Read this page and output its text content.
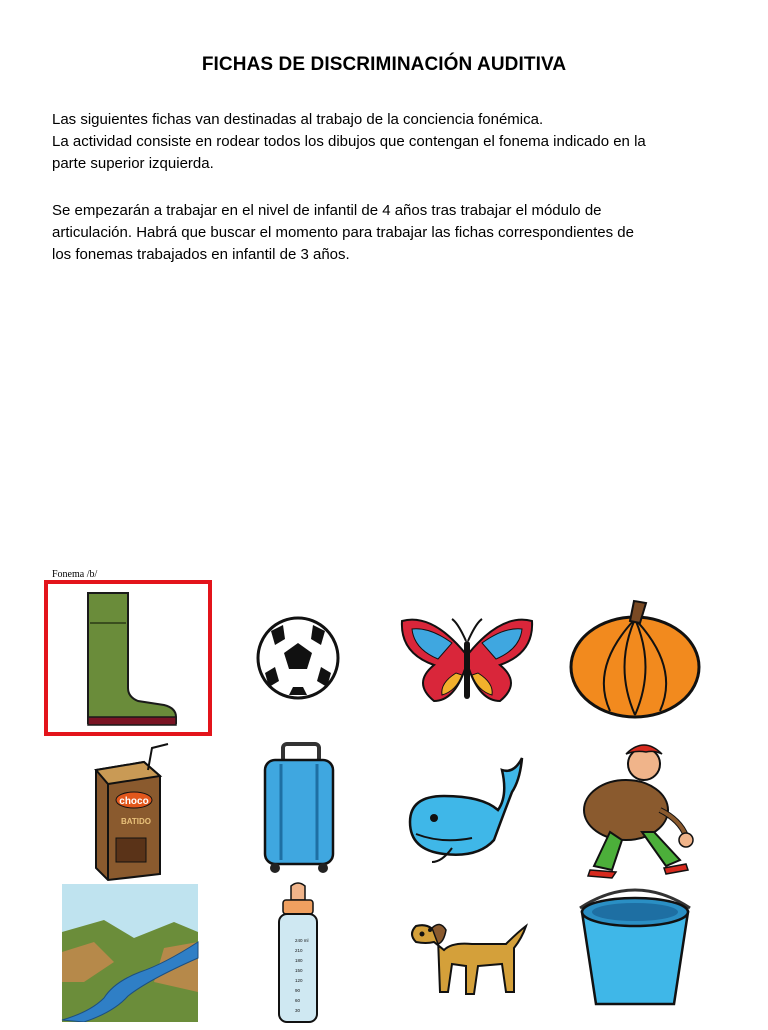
FICHAS DE DISCRIMINACIÓN AUDITIVA
Las siguientes fichas van destinadas al trabajo de la conciencia fonémica.
La actividad consiste en rodear todos los dibujos que contengan el fonema indicado en la
parte superior izquierda.
Se empezarán a trabajar en el nivel de infantil de 4 años tras trabajar el módulo de
articulación. Habrá que buscar el momento para trabajar las fichas correspondientes de
los fonemas trabajados en infantil de 3 años.
Fonema /b/
choco
BATIDO
240 ml
210
180
150
120
90
60
30
